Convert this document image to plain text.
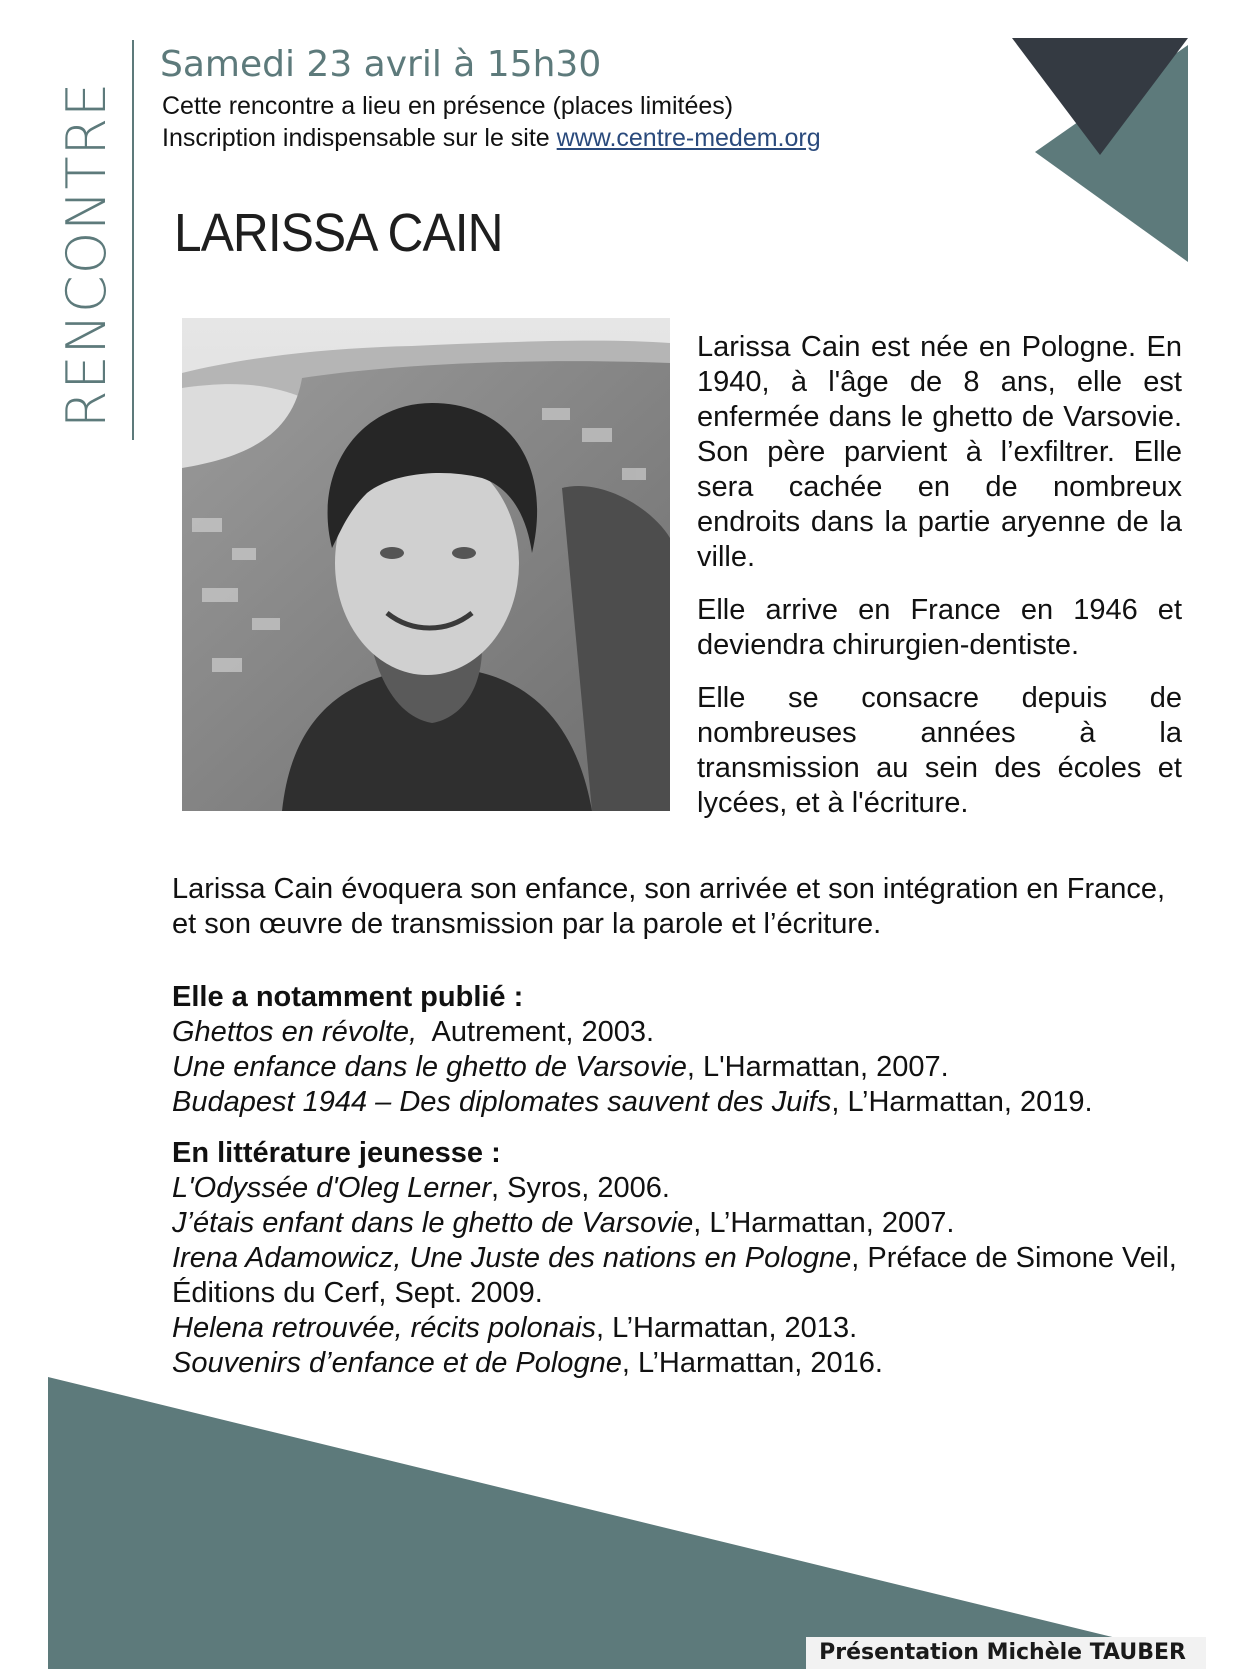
RENCONTRE
Samedi 23 avril à 15h30
Cette rencontre a lieu en présence (places limitées)
Inscription indispensable sur le site www.centre-medem.org
LARISSA CAIN

Larissa Cain est née en Pologne. En 1940, à l'âge de 8 ans, elle est enfermée dans le ghetto de Varsovie. Son père parvient à l’exfiltrer. Elle sera cachée en de nombreux endroits dans la partie aryenne de la ville.

Elle arrive en France en 1946 et deviendra chirurgien-dentiste.

Elle se consacre depuis de nombreuses années à la transmission au sein des écoles et lycées, et à l'écriture.

Larissa Cain évoquera son enfance, son arrivée et son intégration en France, et son œuvre de transmission par la parole et l’écriture.
Elle a notamment publié :
Ghettos en révolte,  Autrement, 2003.
Une enfance dans le ghetto de Varsovie, L'Harmattan, 2007.
Budapest 1944 – Des diplomates sauvent des Juifs, L’Harmattan, 2019.
En littérature jeunesse :
L'Odyssée d'Oleg Lerner, Syros, 2006.
J’étais enfant dans le ghetto de Varsovie, L’Harmattan, 2007.
Irena Adamowicz, Une Juste des nations en Pologne, Préface de Simone Veil, Éditions du Cerf, Sept. 2009.
Helena retrouvée, récits polonais, L’Harmattan, 2013.
Souvenirs d’enfance et de Pologne, L’Harmattan, 2016.
Présentation Michèle TAUBER
